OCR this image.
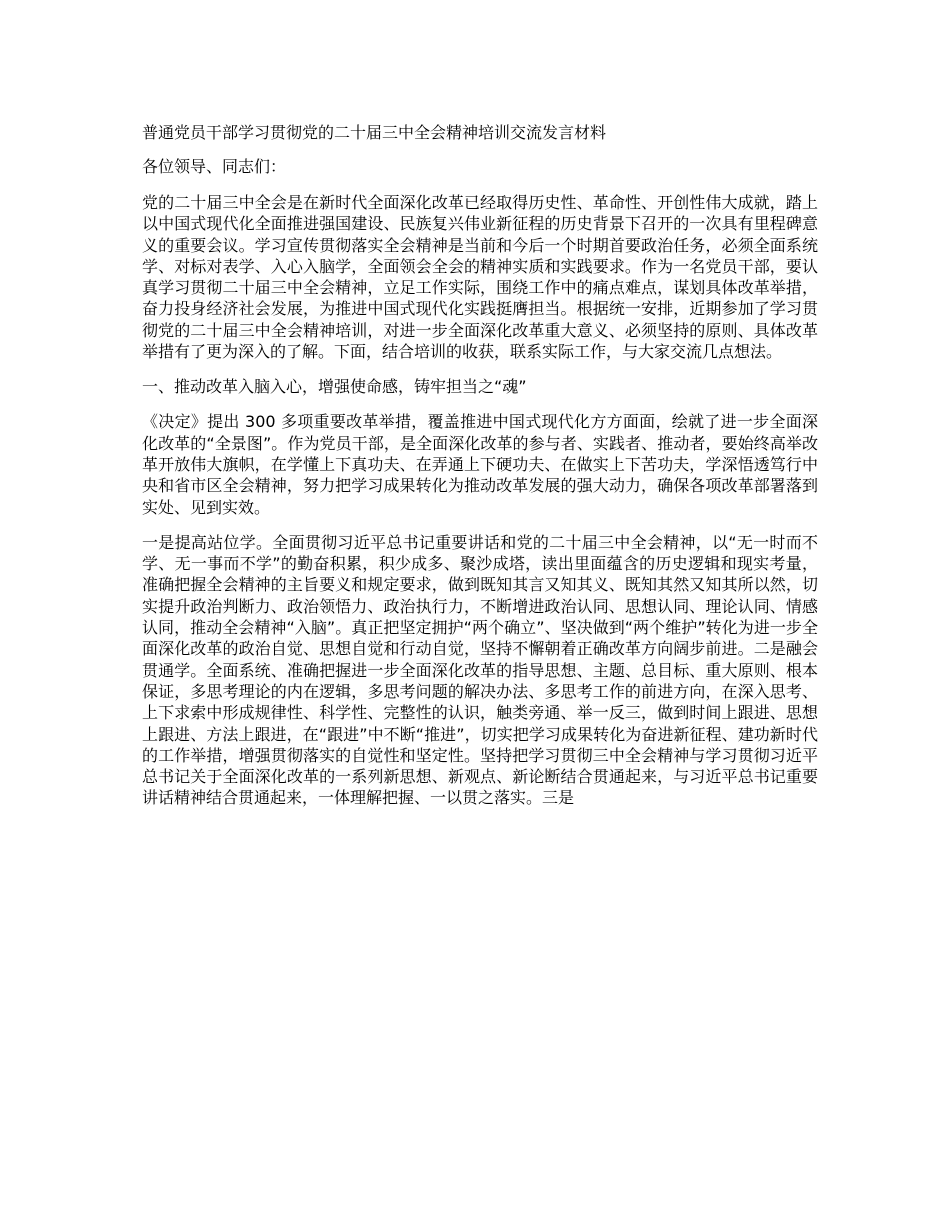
普通党员干部学习贯彻党的二十届三中全会精神培训交流发言材料

各位领导、同志们：

党的二十届三中全会是在新时代全面深化改革已经取得历史性、革命性、开创性伟大成就，踏上以中国式现代化全面推进强国建设、民族复兴伟业新征程的历史背景下召开的一次具有里程碑意义的重要会议。学习宣传贯彻落实全会精神是当前和今后一个时期首要政治任务，必须全面系统学、对标对表学、入心入脑学，全面领会全会的精神实质和实践要求。作为一名党员干部，要认真学习贯彻二十届三中全会精神，立足工作实际，围绕工作中的痛点难点，谋划具体改革举措，奋力投身经济社会发展，为推进中国式现代化实践挺膺担当。根据统一安排，近期参加了学习贯彻党的二十届三中全会精神培训，对进一步全面深化改革重大意义、必须坚持的原则、具体改革举措有了更为深入的了解。下面，结合培训的收获，联系实际工作，与大家交流几点想法。

一、推动改革入脑入心，增强使命感，铸牢担当之“魂”

《决定》提出 300 多项重要改革举措，覆盖推进中国式现代化方方面面，绘就了进一步全面深化改革的“全景图”。作为党员干部，是全面深化改革的参与者、实践者、推动者，要始终高举改革开放伟大旗帜，在学懂上下真功夫、在弄通上下硬功夫、在做实上下苦功夫，学深悟透笃行中央和省市区全会精神，努力把学习成果转化为推动改革发展的强大动力，确保各项改革部署落到实处、见到实效。

一是提高站位学。全面贯彻习近平总书记重要讲话和党的二十届三中全会精神，以“无一时而不学、无一事而不学”的勤奋积累，积少成多、聚沙成塔，读出里面蕴含的历史逻辑和现实考量，准确把握全会精神的主旨要义和规定要求，做到既知其言又知其义、既知其然又知其所以然，切实提升政治判断力、政治领悟力、政治执行力，不断增进政治认同、思想认同、理论认同、情感认同，推动全会精神“入脑”。真正把坚定拥护“两个确立”、坚决做到“两个维护”转化为进一步全面深化改革的政治自觉、思想自觉和行动自觉，坚持不懈朝着正确改革方向阔步前进。二是融会贯通学。全面系统、准确把握进一步全面深化改革的指导思想、主题、总目标、重大原则、根本保证，多思考理论的内在逻辑，多思考问题的解决办法、多思考工作的前进方向，在深入思考、上下求索中形成规律性、科学性、完整性的认识，触类旁通、举一反三，做到时间上跟进、思想上跟进、方法上跟进，在“跟进”中不断“推进”，切实把学习成果转化为奋进新征程、建功新时代的工作举措，增强贯彻落实的自觉性和坚定性。坚持把学习贯彻三中全会精神与学习贯彻习近平总书记关于全面深化改革的一系列新思想、新观点、新论断结合贯通起来，与习近平总书记重要讲话精神结合贯通起来，一体理解把握、一以贯之落实。三是
